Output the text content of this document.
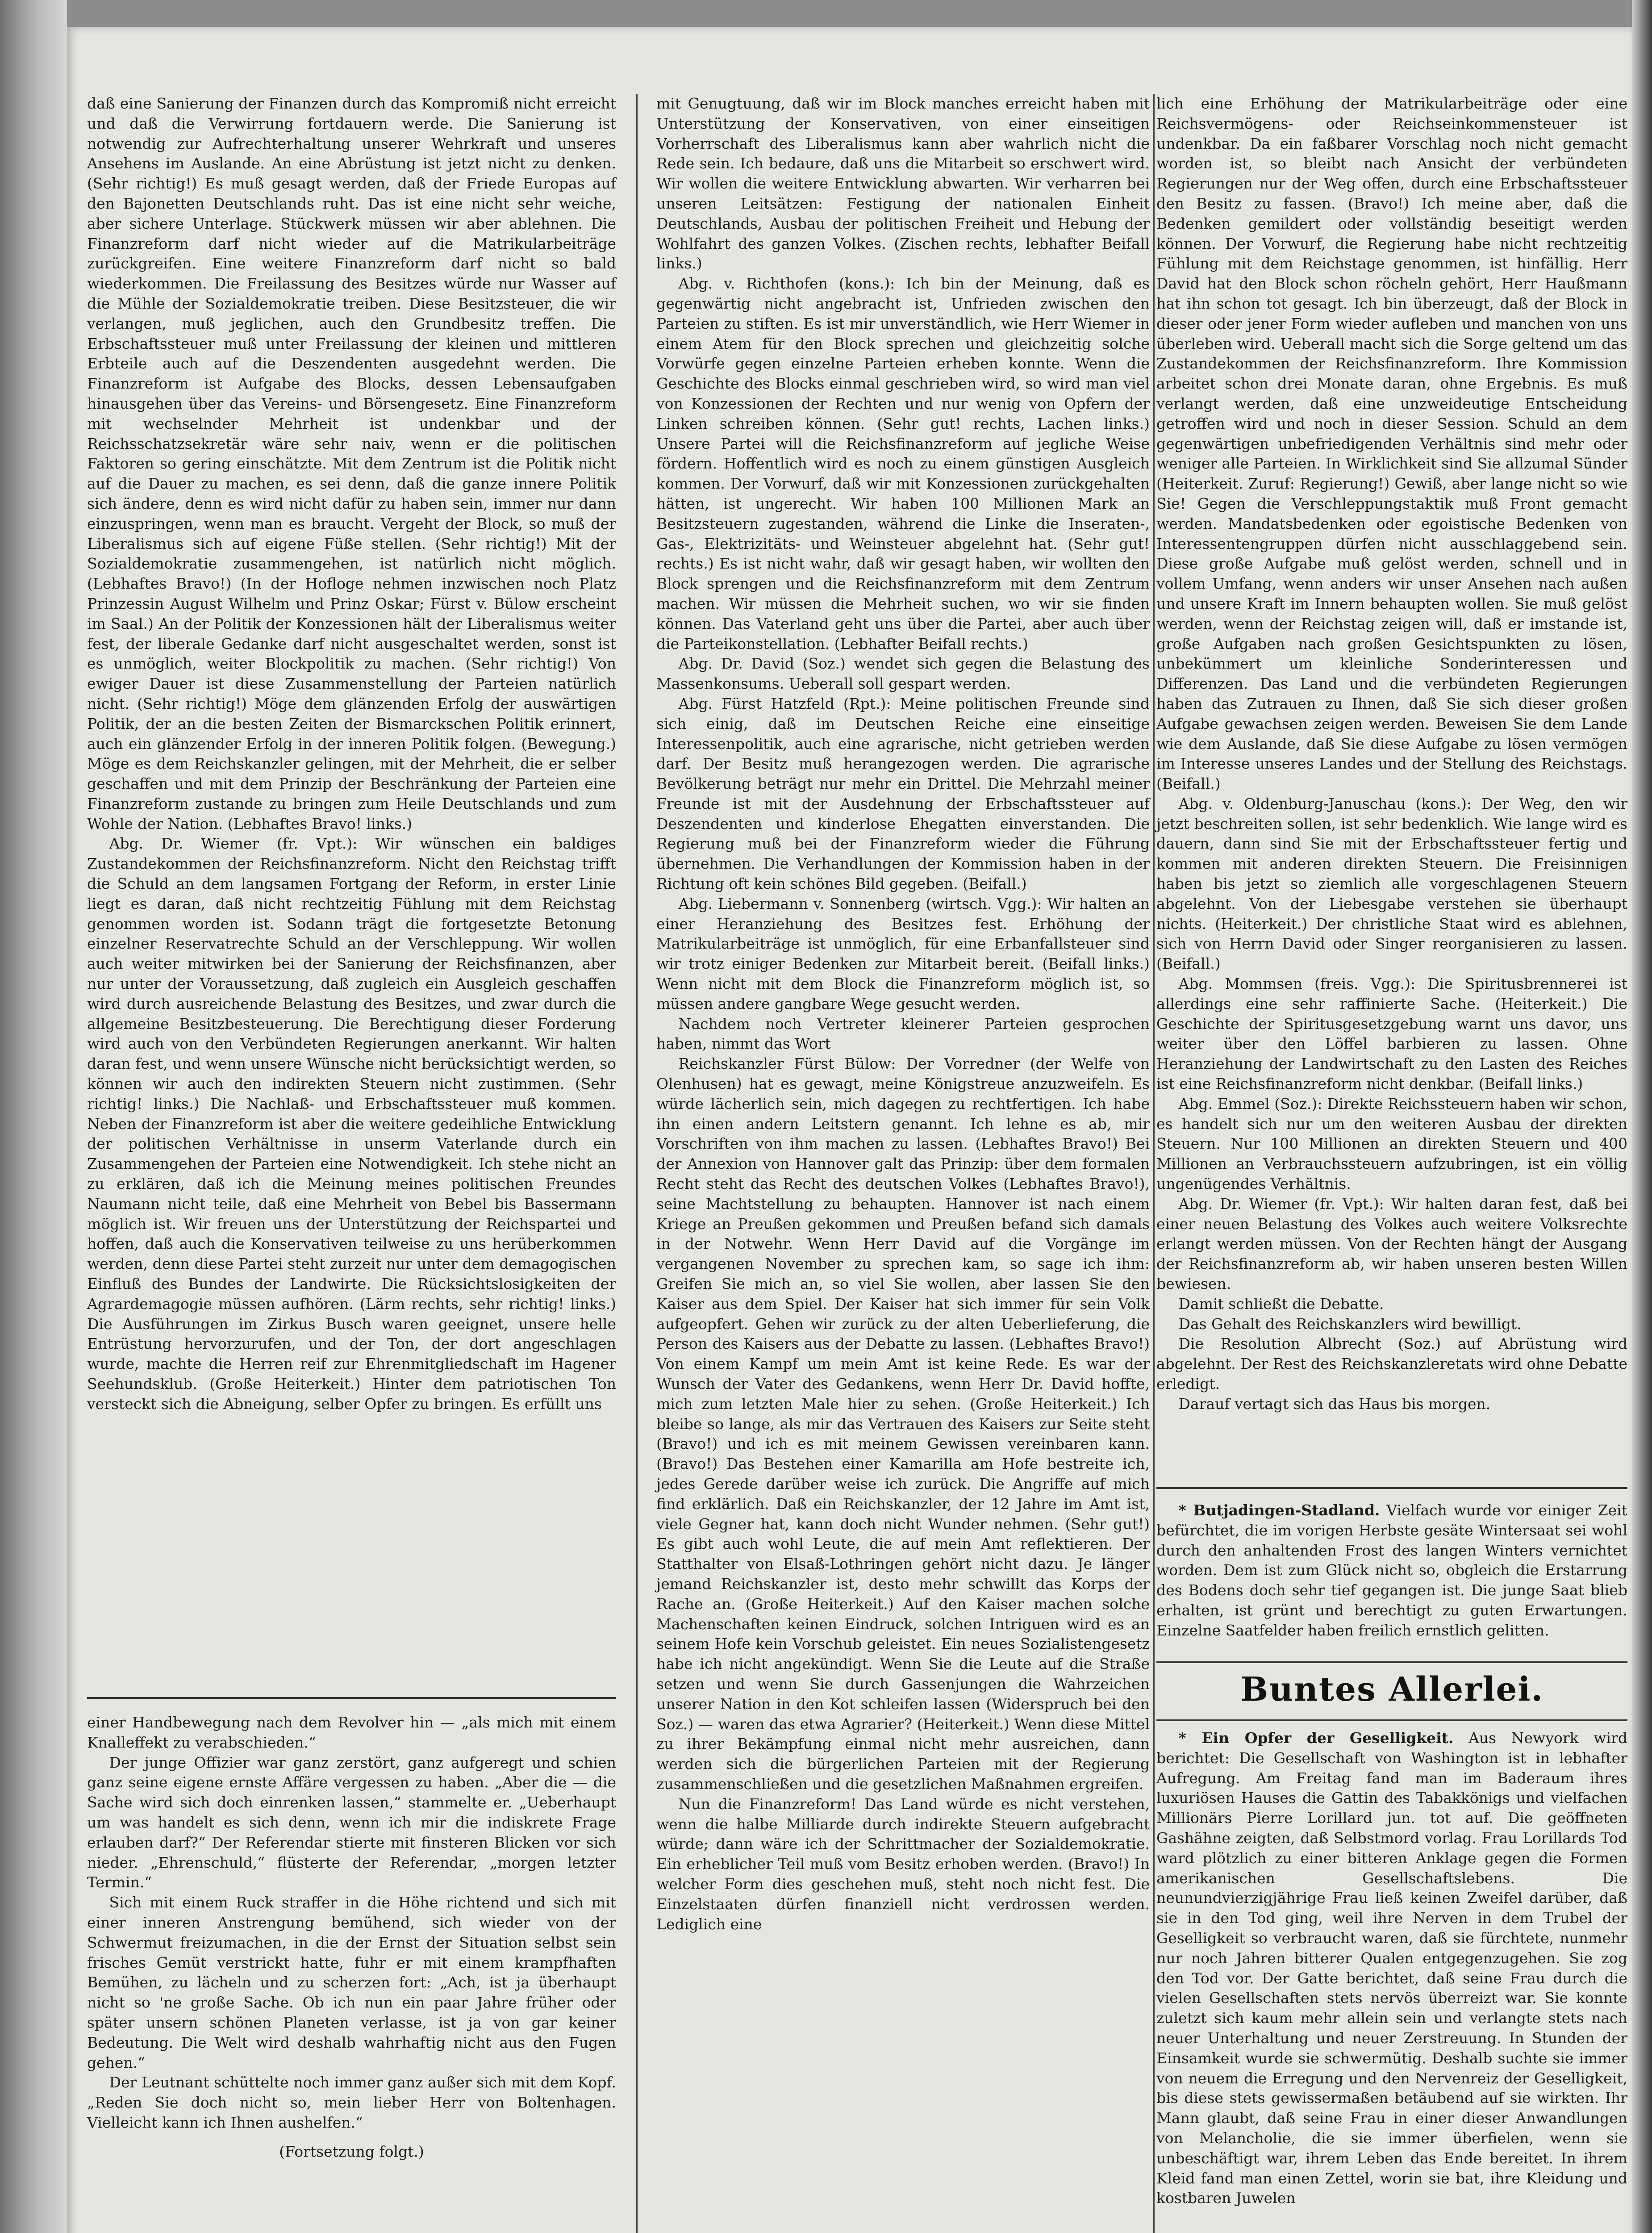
daß eine Sanierung der Finanzen durch das Kompromiß nicht erreicht und daß die Verwirrung fortdauern werde. Die Sanierung ist notwendig zur Aufrechterhaltung unserer Wehrkraft und unseres Ansehens im Auslande. An eine Abrüstung ist jetzt nicht zu denken. (Sehr richtig!) Es muß gesagt werden, daß der Friede Europas auf den Bajonetten Deutschlands ruht. Das ist eine nicht sehr weiche, aber sichere Unterlage. Stückwerk müssen wir aber ablehnen. Die Finanzreform darf nicht wieder auf die Matrikularbeiträge zurückgreifen. Eine weitere Finanzreform darf nicht so bald wiederkommen. Die Freilassung des Besitzes würde nur Wasser auf die Mühle der Sozialdemokratie treiben. Diese Besitzsteuer, die wir verlangen, muß jeglichen, auch den Grundbesitz treffen. Die Erbschaftssteuer muß unter Freilassung der kleinen und mittleren Erbteile auch auf die Deszendenten ausgedehnt werden. Die Finanzreform ist Aufgabe des Blocks, dessen Lebensaufgaben hinausgehen über das Vereins- und Börsengesetz. Eine Finanzreform mit wechselnder Mehrheit ist undenkbar und der Reichsschatzsekretär wäre sehr naiv, wenn er die politischen Faktoren so gering einschätzte. Mit dem Zentrum ist die Politik nicht auf die Dauer zu machen, es sei denn, daß die ganze innere Politik sich ändere, denn es wird nicht dafür zu haben sein, immer nur dann einzuspringen, wenn man es braucht. Vergeht der Block, so muß der Liberalismus sich auf eigene Füße stellen. (Sehr richtig!) Mit der Sozialdemokratie zusammengehen, ist natürlich nicht möglich. (Lebhaftes Bravo!) (In der Hofloge nehmen inzwischen noch Platz Prinzessin August Wilhelm und Prinz Oskar; Fürst v. Bülow erscheint im Saal.) An der Politik der Konzessionen hält der Liberalismus weiter fest, der liberale Gedanke darf nicht ausgeschaltet werden, sonst ist es unmöglich, weiter Blockpolitik zu machen. (Sehr richtig!) Von ewiger Dauer ist diese Zusammenstellung der Parteien natürlich nicht. (Sehr richtig!) Möge dem glänzenden Erfolg der auswärtigen Politik, der an die besten Zeiten der Bismarckschen Politik erinnert, auch ein glänzender Erfolg in der inneren Politik folgen. (Bewegung.) Möge es dem Reichskanzler gelingen, mit der Mehrheit, die er selber geschaffen und mit dem Prinzip der Beschränkung der Parteien eine Finanzreform zustande zu bringen zum Heile Deutschlands und zum Wohle der Nation. (Lebhaftes Bravo! links.)

Abg. Dr. Wiemer (fr. Vpt.): Wir wünschen ein baldiges Zustandekommen der Reichsfinanzreform. Nicht den Reichstag trifft die Schuld an dem langsamen Fortgang der Reform, in erster Linie liegt es daran, daß nicht rechtzeitig Fühlung mit dem Reichstag genommen worden ist. Sodann trägt die fortgesetzte Betonung einzelner Reservatrechte Schuld an der Verschleppung. Wir wollen auch weiter mitwirken bei der Sanierung der Reichsfinanzen, aber nur unter der Voraussetzung, daß zugleich ein Ausgleich geschaffen wird durch ausreichende Belastung des Besitzes, und zwar durch die allgemeine Besitzbesteuerung. Die Berechtigung dieser Forderung wird auch von den Verbündeten Regierungen anerkannt. Wir halten daran fest, und wenn unsere Wünsche nicht berücksichtigt werden, so können wir auch den indirekten Steuern nicht zustimmen. (Sehr richtig! links.) Die Nachlaß- und Erbschaftssteuer muß kommen. Neben der Finanzreform ist aber die weitere gedeihliche Entwicklung der politischen Verhältnisse in unserm Vaterlande durch ein Zusammengehen der Parteien eine Notwendigkeit. Ich stehe nicht an zu erklären, daß ich die Meinung meines politischen Freundes Naumann nicht teile, daß eine Mehrheit von Bebel bis Bassermann möglich ist. Wir freuen uns der Unterstützung der Reichspartei und hoffen, daß auch die Konservativen teilweise zu uns herüberkommen werden, denn diese Partei steht zurzeit nur unter dem demagogischen Einfluß des Bundes der Landwirte. Die Rücksichtslosigkeiten der Agrardemagogie müssen aufhören. (Lärm rechts, sehr richtig! links.) Die Ausführungen im Zirkus Busch waren geeignet, unsere helle Entrüstung hervorzurufen, und der Ton, der dort angeschlagen wurde, machte die Herren reif zur Ehrenmitgliedschaft im Hagener Seehundsklub. (Große Heiterkeit.) Hinter dem patriotischen Ton versteckt sich die Abneigung, selber Opfer zu bringen. Es erfüllt uns

einer Handbewegung nach dem Revolver hin — „als mich mit einem Knalleffekt zu verabschieden.“

Der junge Offizier war ganz zerstört, ganz aufgeregt und schien ganz seine eigene ernste Affäre vergessen zu haben. „Aber die — die Sache wird sich doch einrenken lassen,“ stammelte er. „Ueberhaupt um was handelt es sich denn, wenn ich mir die indiskrete Frage erlauben darf?“ Der Referendar stierte mit finsteren Blicken vor sich nieder. „Ehrenschuld,“ flüsterte der Referendar, „morgen letzter Termin.“

Sich mit einem Ruck straffer in die Höhe richtend und sich mit einer inneren Anstrengung bemühend, sich wieder von der Schwermut freizumachen, in die der Ernst der Situation selbst sein frisches Gemüt verstrickt hatte, fuhr er mit einem krampfhaften Bemühen, zu lächeln und zu scherzen fort: „Ach, ist ja überhaupt nicht so 'ne große Sache. Ob ich nun ein paar Jahre früher oder später unsern schönen Planeten verlasse, ist ja von gar keiner Bedeutung. Die Welt wird deshalb wahrhaftig nicht aus den Fugen gehen.“

Der Leutnant schüttelte noch immer ganz außer sich mit dem Kopf. „Reden Sie doch nicht so, mein lieber Herr von Boltenhagen. Vielleicht kann ich Ihnen aushelfen.“

(Fortsetzung folgt.)

mit Genugtuung, daß wir im Block manches erreicht haben mit Unterstützung der Konservativen, von einer einseitigen Vorherrschaft des Liberalismus kann aber wahrlich nicht die Rede sein. Ich bedaure, daß uns die Mitarbeit so erschwert wird. Wir wollen die weitere Entwicklung abwarten. Wir verharren bei unseren Leitsätzen: Festigung der nationalen Einheit Deutschlands, Ausbau der politischen Freiheit und Hebung der Wohlfahrt des ganzen Volkes. (Zischen rechts, lebhafter Beifall links.)

Abg. v. Richthofen (kons.): Ich bin der Meinung, daß es gegenwärtig nicht angebracht ist, Unfrieden zwischen den Parteien zu stiften. Es ist mir unverständlich, wie Herr Wiemer in einem Atem für den Block sprechen und gleichzeitig solche Vorwürfe gegen einzelne Parteien erheben konnte. Wenn die Geschichte des Blocks einmal geschrieben wird, so wird man viel von Konzessionen der Rechten und nur wenig von Opfern der Linken schreiben können. (Sehr gut! rechts, Lachen links.) Unsere Partei will die Reichsfinanzreform auf jegliche Weise fördern. Hoffentlich wird es noch zu einem günstigen Ausgleich kommen. Der Vorwurf, daß wir mit Konzessionen zurückgehalten hätten, ist ungerecht. Wir haben 100 Millionen Mark an Besitzsteuern zugestanden, während die Linke die Inseraten-, Gas-, Elektrizitäts- und Weinsteuer abgelehnt hat. (Sehr gut! rechts.) Es ist nicht wahr, daß wir gesagt haben, wir wollten den Block sprengen und die Reichsfinanzreform mit dem Zentrum machen. Wir müssen die Mehrheit suchen, wo wir sie finden können. Das Vaterland geht uns über die Partei, aber auch über die Parteikonstellation. (Lebhafter Beifall rechts.)

Abg. Dr. David (Soz.) wendet sich gegen die Belastung des Massenkonsums. Ueberall soll gespart werden.

Abg. Fürst Hatzfeld (Rpt.): Meine politischen Freunde sind sich einig, daß im Deutschen Reiche eine einseitige Interessenpolitik, auch eine agrarische, nicht getrieben werden darf. Der Besitz muß herangezogen werden. Die agrarische Bevölkerung beträgt nur mehr ein Drittel. Die Mehrzahl meiner Freunde ist mit der Ausdehnung der Erbschaftssteuer auf Deszendenten und kinderlose Ehegatten einverstanden. Die Regierung muß bei der Finanzreform wieder die Führung übernehmen. Die Verhandlungen der Kommission haben in der Richtung oft kein schönes Bild gegeben. (Beifall.)

Abg. Liebermann v. Sonnenberg (wirtsch. Vgg.): Wir halten an einer Heranziehung des Besitzes fest. Erhöhung der Matrikularbeiträge ist unmöglich, für eine Erbanfallsteuer sind wir trotz einiger Bedenken zur Mitarbeit bereit. (Beifall links.) Wenn nicht mit dem Block die Finanzreform möglich ist, so müssen andere gangbare Wege gesucht werden.

Nachdem noch Vertreter kleinerer Parteien gesprochen haben, nimmt das Wort

Reichskanzler Fürst Bülow: Der Vorredner (der Welfe von Olenhusen) hat es gewagt, meine Königstreue anzuzweifeln. Es würde lächerlich sein, mich dagegen zu rechtfertigen. Ich habe ihn einen andern Leitstern genannt. Ich lehne es ab, mir Vorschriften von ihm machen zu lassen. (Lebhaftes Bravo!) Bei der Annexion von Hannover galt das Prinzip: über dem formalen Recht steht das Recht des deutschen Volkes (Lebhaftes Bravo!), seine Machtstellung zu behaupten. Hannover ist nach einem Kriege an Preußen gekommen und Preußen befand sich damals in der Notwehr. Wenn Herr David auf die Vorgänge im vergangenen November zu sprechen kam, so sage ich ihm: Greifen Sie mich an, so viel Sie wollen, aber lassen Sie den Kaiser aus dem Spiel. Der Kaiser hat sich immer für sein Volk aufgeopfert. Gehen wir zurück zu der alten Ueberlieferung, die Person des Kaisers aus der Debatte zu lassen. (Lebhaftes Bravo!) Von einem Kampf um mein Amt ist keine Rede. Es war der Wunsch der Vater des Gedankens, wenn Herr Dr. David hoffte, mich zum letzten Male hier zu sehen. (Große Heiterkeit.) Ich bleibe so lange, als mir das Vertrauen des Kaisers zur Seite steht (Bravo!) und ich es mit meinem Gewissen vereinbaren kann. (Bravo!) Das Bestehen einer Kamarilla am Hofe bestreite ich, jedes Gerede darüber weise ich zurück. Die Angriffe auf mich find erklärlich. Daß ein Reichskanzler, der 12 Jahre im Amt ist, viele Gegner hat, kann doch nicht Wunder nehmen. (Sehr gut!) Es gibt auch wohl Leute, die auf mein Amt reflektieren. Der Statthalter von Elsaß-Lothringen gehört nicht dazu. Je länger jemand Reichskanzler ist, desto mehr schwillt das Korps der Rache an. (Große Heiterkeit.) Auf den Kaiser machen solche Machenschaften keinen Eindruck, solchen Intriguen wird es an seinem Hofe kein Vorschub geleistet. Ein neues Sozialistengesetz habe ich nicht angekündigt. Wenn Sie die Leute auf die Straße setzen und wenn Sie durch Gassenjungen die Wahrzeichen unserer Nation in den Kot schleifen lassen (Widerspruch bei den Soz.) — waren das etwa Agrarier? (Heiterkeit.) Wenn diese Mittel zu ihrer Bekämpfung einmal nicht mehr ausreichen, dann werden sich die bürgerlichen Parteien mit der Regierung zusammenschließen und die gesetzlichen Maßnahmen ergreifen.

Nun die Finanzreform! Das Land würde es nicht verstehen, wenn die halbe Milliarde durch indirekte Steuern aufgebracht würde; dann wäre ich der Schrittmacher der Sozialdemokratie. Ein erheblicher Teil muß vom Besitz erhoben werden. (Bravo!) In welcher Form dies geschehen muß, steht noch nicht fest. Die Einzelstaaten dürfen finanziell nicht verdrossen werden. Lediglich eine

lich eine Erhöhung der Matrikularbeiträge oder eine Reichsvermögens- oder Reichseinkommensteuer ist undenkbar. Da ein faßbarer Vorschlag noch nicht gemacht worden ist, so bleibt nach Ansicht der verbündeten Regierungen nur der Weg offen, durch eine Erbschaftssteuer den Besitz zu fassen. (Bravo!) Ich meine aber, daß die Bedenken gemildert oder vollständig beseitigt werden können. Der Vorwurf, die Regierung habe nicht rechtzeitig Fühlung mit dem Reichstage genommen, ist hinfällig. Herr David hat den Block schon röcheln gehört, Herr Haußmann hat ihn schon tot gesagt. Ich bin überzeugt, daß der Block in dieser oder jener Form wieder aufleben und manchen von uns überleben wird. Ueberall macht sich die Sorge geltend um das Zustandekommen der Reichsfinanzreform. Ihre Kommission arbeitet schon drei Monate daran, ohne Ergebnis. Es muß verlangt werden, daß eine unzweideutige Entscheidung getroffen wird und noch in dieser Session. Schuld an dem gegenwärtigen unbefriedigenden Verhältnis sind mehr oder weniger alle Parteien. In Wirklichkeit sind Sie allzumal Sünder (Heiterkeit. Zuruf: Regierung!) Gewiß, aber lange nicht so wie Sie! Gegen die Verschleppungstaktik muß Front gemacht werden. Mandatsbedenken oder egoistische Bedenken von Interessentengruppen dürfen nicht ausschlaggebend sein. Diese große Aufgabe muß gelöst werden, schnell und in vollem Umfang, wenn anders wir unser Ansehen nach außen und unsere Kraft im Innern behaupten wollen. Sie muß gelöst werden, wenn der Reichstag zeigen will, daß er imstande ist, große Aufgaben nach großen Gesichtspunkten zu lösen, unbekümmert um kleinliche Sonderinteressen und Differenzen. Das Land und die verbündeten Regierungen haben das Zutrauen zu Ihnen, daß Sie sich dieser großen Aufgabe gewachsen zeigen werden. Beweisen Sie dem Lande wie dem Auslande, daß Sie diese Aufgabe zu lösen vermögen im Interesse unseres Landes und der Stellung des Reichstags. (Beifall.)

Abg. v. Oldenburg-Januschau (kons.): Der Weg, den wir jetzt beschreiten sollen, ist sehr bedenklich. Wie lange wird es dauern, dann sind Sie mit der Erbschaftssteuer fertig und kommen mit anderen direkten Steuern. Die Freisinnigen haben bis jetzt so ziemlich alle vorgeschlagenen Steuern abgelehnt. Von der Liebesgabe verstehen sie überhaupt nichts. (Heiterkeit.) Der christliche Staat wird es ablehnen, sich von Herrn David oder Singer reorganisieren zu lassen. (Beifall.)

Abg. Mommsen (freis. Vgg.): Die Spiritusbrennerei ist allerdings eine sehr raffinierte Sache. (Heiterkeit.) Die Geschichte der Spiritusgesetzgebung warnt uns davor, uns weiter über den Löffel barbieren zu lassen. Ohne Heranziehung der Landwirtschaft zu den Lasten des Reiches ist eine Reichsfinanzreform nicht denkbar. (Beifall links.)

Abg. Emmel (Soz.): Direkte Reichssteuern haben wir schon, es handelt sich nur um den weiteren Ausbau der direkten Steuern. Nur 100 Millionen an direkten Steuern und 400 Millionen an Verbrauchssteuern aufzubringen, ist ein völlig ungenügendes Verhältnis.

Abg. Dr. Wiemer (fr. Vpt.): Wir halten daran fest, daß bei einer neuen Belastung des Volkes auch weitere Volksrechte erlangt werden müssen. Von der Rechten hängt der Ausgang der Reichsfinanzreform ab, wir haben unseren besten Willen bewiesen.

Damit schließt die Debatte.

Das Gehalt des Reichskanzlers wird bewilligt.

Die Resolution Albrecht (Soz.) auf Abrüstung wird abgelehnt. Der Rest des Reichskanzleretats wird ohne Debatte erledigt.

Darauf vertagt sich das Haus bis morgen.

* Butjadingen-Stadland. Vielfach wurde vor einiger Zeit befürchtet, die im vorigen Herbste gesäte Wintersaat sei wohl durch den anhaltenden Frost des langen Winters vernichtet worden. Dem ist zum Glück nicht so, obgleich die Erstarrung des Bodens doch sehr tief gegangen ist. Die junge Saat blieb erhalten, ist grünt und berechtigt zu guten Erwartungen. Einzelne Saatfelder haben freilich ernstlich gelitten.

Buntes Allerlei.

* Ein Opfer der Geselligkeit. Aus Newyork wird berichtet: Die Gesellschaft von Washington ist in lebhafter Aufregung. Am Freitag fand man im Baderaum ihres luxuriösen Hauses die Gattin des Tabakkönigs und vielfachen Millionärs Pierre Lorillard jun. tot auf. Die geöffneten Gashähne zeigten, daß Selbstmord vorlag. Frau Lorillards Tod ward plötzlich zu einer bitteren Anklage gegen die Formen amerikanischen Gesellschaftslebens. Die neunundvierzigjährige Frau ließ keinen Zweifel darüber, daß sie in den Tod ging, weil ihre Nerven in dem Trubel der Geselligkeit so verbraucht waren, daß sie fürchtete, nunmehr nur noch Jahren bitterer Qualen entgegenzugehen. Sie zog den Tod vor. Der Gatte berichtet, daß seine Frau durch die vielen Gesellschaften stets nervös überreizt war. Sie konnte zuletzt sich kaum mehr allein sein und verlangte stets nach neuer Unterhaltung und neuer Zerstreuung. In Stunden der Einsamkeit wurde sie schwermütig. Deshalb suchte sie immer von neuem die Erregung und den Nervenreiz der Geselligkeit, bis diese stets gewissermaßen betäubend auf sie wirkten. Ihr Mann glaubt, daß seine Frau in einer dieser Anwandlungen von Melancholie, die sie immer überfielen, wenn sie unbeschäftigt war, ihrem Leben das Ende bereitet. In ihrem Kleid fand man einen Zettel, worin sie bat, ihre Kleidung und kostbaren Juwelen
